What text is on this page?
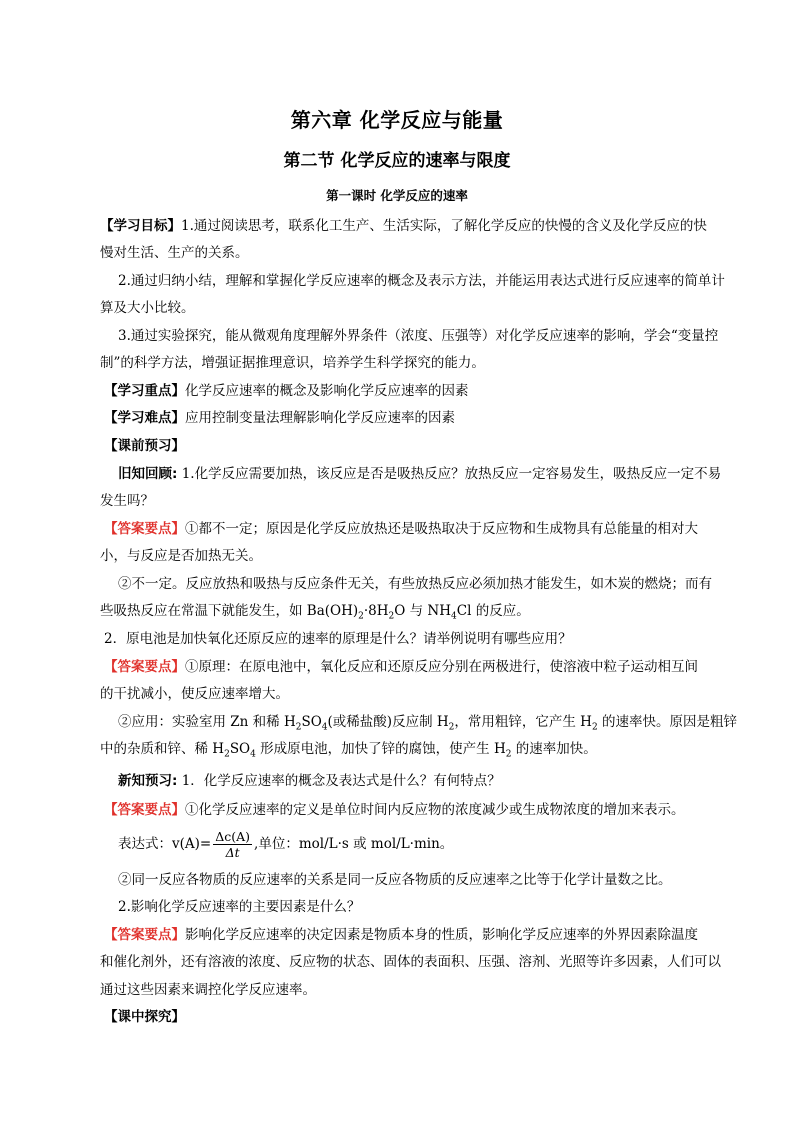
第六章 化学反应与能量
第二节 化学反应的速率与限度
第一课时 化学反应的速率
【学习目标】1.通过阅读思考，联系化工生产、生活实际，了解化学反应的快慢的含义及化学反应的快
慢对生活、生产的关系。
2.通过归纳小结，理解和掌握化学反应速率的概念及表示方法，并能运用表达式进行反应速率的简单计
算及大小比较。
3.通过实验探究，能从微观角度理解外界条件（浓度、压强等）对化学反应速率的影响，学会“变量控
制”的科学方法，增强证据推理意识，培养学生科学探究的能力。
【学习重点】化学反应速率的概念及影响化学反应速率的因素
【学习难点】应用控制变量法理解影响化学反应速率的因素
【课前预习】
旧知回顾: 1.化学反应需要加热，该反应是否是吸热反应？放热反应一定容易发生，吸热反应一定不易
发生吗？
【答案要点】①都不一定；原因是化学反应放热还是吸热取决于反应物和生成物具有总能量的相对大
小，与反应是否加热无关。
②不一定。反应放热和吸热与反应条件无关，有些放热反应必须加热才能发生，如木炭的燃烧；而有
些吸热反应在常温下就能发生，如 $Ba(OH)_2\cdot 8H_2O$ 与 $NH_4Cl$ 的反应。
2．原电池是加快氧化还原反应的速率的原理是什么？请举例说明有哪些应用？
【答案要点】①原理：在原电池中，氧化反应和还原反应分别在两极进行，使溶液中粒子运动相互间
的干扰减小，使反应速率增大。
②应用：实验室用 Zn 和稀 $H_2SO_4$(或稀盐酸)反应制 $H_2$，常用粗锌，它产生 $H_2$ 的速率快。原因是粗锌
中的杂质和锌、稀 $H_2SO_4$ 形成原电池，加快了锌的腐蚀，使产生 $H_2$ 的速率加快。
新知预习: 1．化学反应速率的概念及表达式是什么？有何特点？
【答案要点】①化学反应速率的定义是单位时间内反应物的浓度减少或生成物浓度的增加来表示。
表达式：$v(A)= \frac{\Delta c(A)}{\Delta t}$ ,单位：mol/L·s 或 mol/L·min。
②同一反应各物质的反应速率的关系是同一反应各物质的反应速率之比等于化学计量数之比。
2.影响化学反应速率的主要因素是什么？
【答案要点】影响化学反应速率的决定因素是物质本身的性质，影响化学反应速率的外界因素除温度
和催化剂外，还有溶液的浓度、反应物的状态、固体的表面积、压强、溶剂、光照等许多因素，人们可以
通过这些因素来调控化学反应速率。
【课中探究】
